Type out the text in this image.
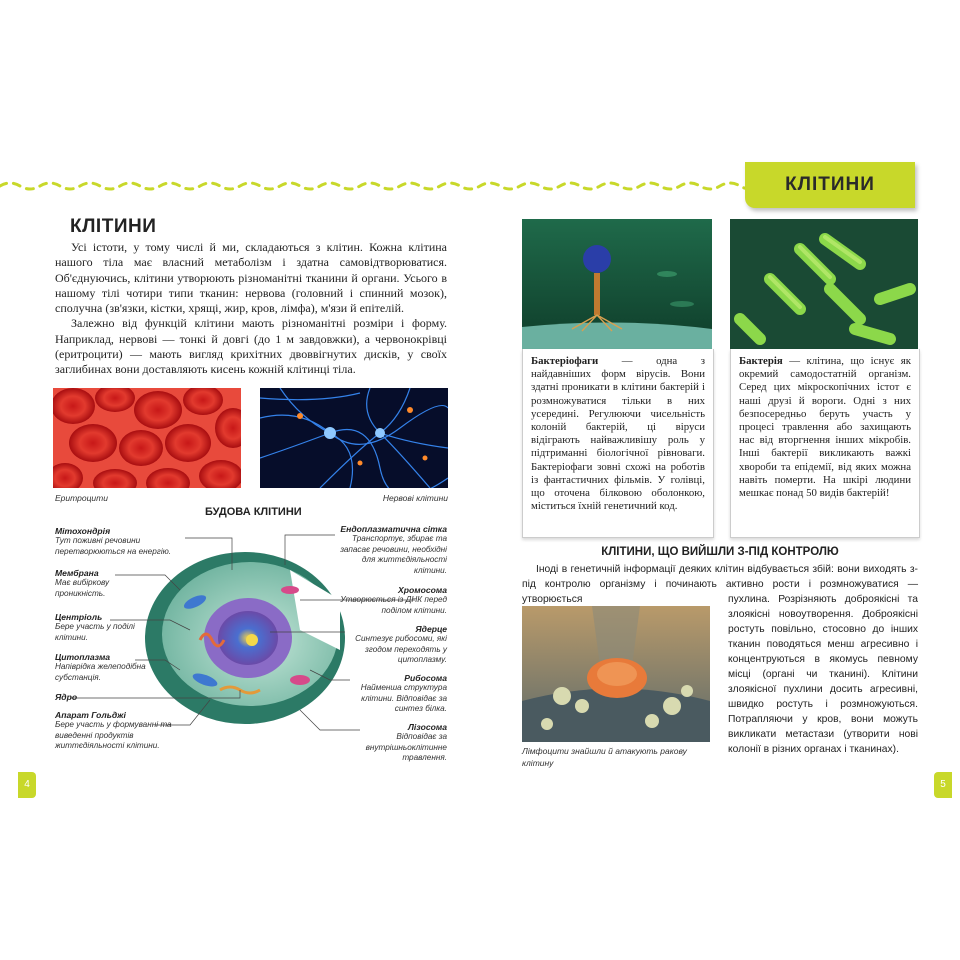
КЛІТИНИ
КЛІТИНИ

Усі істоти, у тому числі й ми, складаються з клітин. Кожна клітина нашого тіла має власний метаболізм і здатна самовідтворюватися. Об'єднуючись, клітини утворюють різноманітні тканини й органи. Усього в нашому тілі чотири типи тканин: нервова (головний і спинний мозок), сполучна (зв'язки, кістки, хрящі, жир, кров, лімфа), м'язи й епітелій.

Залежно від функцій клітини мають різноманітні розміри і форму. Наприклад, нервові — тонкі й довгі (до 1 м завдовжки), а червонокрівці (еритроцити) — мають вигляд крихітних двоввігнутих дисків, у своїх заглибинах вони доставляють кисень кожній клітинці тіла.

Еритроцити	Нервові клітини
БУДОВА КЛІТИНИ
Мітохондрія
Тут поживні речовини перетворюються на енергію.
Мембрана
Має вибіркову проникність.
Центріоль
Бере участь у поділі клітини.
Цитоплазма
Напіврідка желеподібна субстанція.
Ядро
Апарат Гольджі
Бере участь у формуванні та виведенні продуктів життєдіяльності клітини.
Ендоплазматична сітка
Транспортує, збирає та запасає речовини, необхідні для життєдіяльності клітини.
Хромосома
Утворюється із ДНК перед поділом клітини.
Ядерце
Синтезує рибосоми, які згодом переходять у цитоплазму.
Рибосома
Найменша структура клітини. Відповідає за синтез білка.
Лізосома
Відповідає за внутрішньоклітинне травлення.
4
Бактеріофаги — одна з найдавніших форм вірусів. Вони здатні проникати в клітини бактерій і розмножуватися тільки в них усередині. Регулюючи чисельність колоній бактерій, ці віруси відіграють найважливішу роль у підтриманні біологічної рівноваги. Бактеріофаги зовні схожі на роботів із фантастичних фільмів. У голівці, що оточена білковою оболонкою, міститься їхній генетичний код.
Бактерія — клітина, що існує як окремий самодостатній організм. Серед цих мікроскопічних істот є наші друзі й вороги. Одні з них безпосередньо беруть участь у процесі травлення або захищають нас від вторгнення інших мікробів. Інші бактерії викликають важкі хвороби та епідемії, від яких можна навіть померти. На шкірі людини мешкає понад 50 видів бактерій!
КЛІТИНИ, ЩО ВИЙШЛИ З-ПІД КОНТРОЛЮ
Іноді в генетичній інформації деяких клітин відбувається збій: вони виходять з-під контролю організму і починають активно рости і розмножуватися — утворюється
Лімфоцити знайшли й атакують ракову клітину
пухлина. Розрізняють доброякісні та злоякісні новоутворення. Доброякісні ростуть повільно, стосовно до інших тканин поводяться менш агресивно і концентруються в якомусь певному місці (органі чи тканині). Клітини злоякісної пухлини досить агресивні, швидко ростуть і розмножуються. Потрапляючи у кров, вони можуть викликати метастази (утворити нові колонії в різних органах і тканинах).
5
